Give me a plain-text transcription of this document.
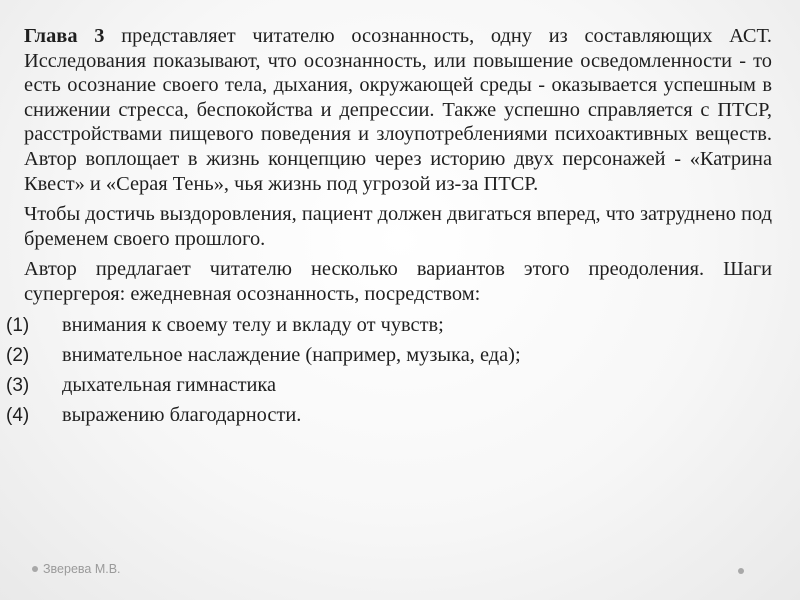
Глава 3 представляет читателю осознанность, одну из составляющих АСТ. Исследования показывают, что осознанность, или повышение осведомленности - то есть осознание своего тела, дыхания, окружающей среды - оказывается успешным в снижении стресса, беспокойства и депрессии. Также успешно справляется с ПТСР, расстройствами пищевого поведения и злоупотреблениями психоактивных веществ. Автор воплощает в жизнь концепцию через историю двух персонажей - «Катрина Квест» и «Серая Тень», чья жизнь под угрозой из-за ПТСР.

Чтобы достичь выздоровления, пациент должен двигаться вперед, что затруднено под бременем своего прошлого.

Автор предлагает читателю несколько вариантов этого преодоления. Шаги супергероя: ежедневная осознанность, посредством:

(1)	внимания к своему телу и вкладу от чувств;
(2)	внимательное наслаждение (например, музыка, еда);
(3)	дыхательная гимнастика
(4)	выражению благодарности.
Зверева М.В.
